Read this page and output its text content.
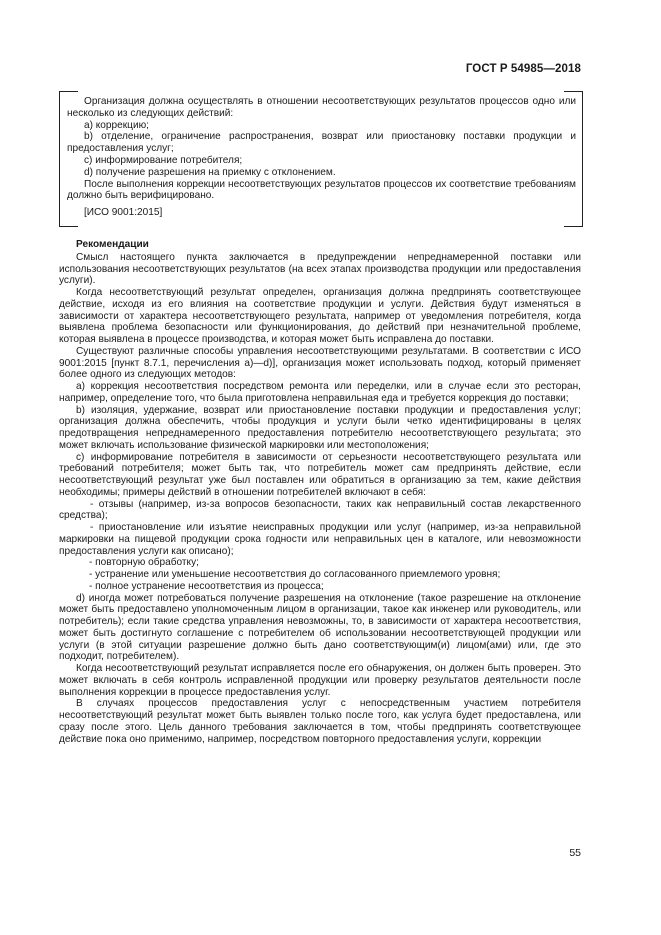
ГОСТ Р 54985—2018

Организация должна осуществлять в отношении несоответствующих результатов процессов одно или несколько из следующих действий:

a) коррекцию;

b) отделение, ограничение распространения, возврат или приостановку поставки продукции и предоставления услуг;

c) информирование потребителя;

d) получение разрешения на приемку с отклонением.

После выполнения коррекции несоответствующих результатов процессов их соответствие требованиям должно быть верифицировано.

[ИСО 9001:2015]

Рекомендации

Смысл настоящего пункта заключается в предупреждении непреднамеренной поставки или использования несоответствующих результатов (на всех этапах производства продукции или предоставления услуги).

Когда несоответствующий результат определен, организация должна предпринять соответствующее действие, исходя из его влияния на соответствие продукции и услуги. Действия будут изменяться в зависимости от характера несоответствующего результата, например от уведомления потребителя, когда выявлена проблема безопасности или функционирования, до действий при незначительной проблеме, которая выявлена в процессе производства, и которая может быть исправлена до поставки.

Существуют различные способы управления несоответствующими результатами. В соответствии с ИСО 9001:2015 [пункт 8.7.1, перечисления a)—d)], организация может использовать подход, который применяет более одного из следующих методов:

a) коррекция несоответствия посредством ремонта или переделки, или в случае если это ресторан, например, определение того, что была приготовлена неправильная еда и требуется коррекция до поставки;

b) изоляция, удержание, возврат или приостановление поставки продукции и предоставления услуг; организация должна обеспечить, чтобы продукция и услуги были четко идентифицированы в целях предотвращения непреднамеренного предоставления потребителю несоответствующего результата; это может включать использование физической маркировки или местоположения;

c) информирование потребителя в зависимости от серьезности несоответствующего результата или требований потребителя; может быть так, что потребитель может сам предпринять действие, если несоответствующий результат уже был поставлен или обратиться в организацию за тем, какие действия необходимы; примеры действий в отношении потребителей включают в себя:

- отзывы (например, из-за вопросов безопасности, таких как неправильный состав лекарственного средства);

- приостановление или изъятие неисправных продукции или услуг (например, из-за неправильной маркировки на пищевой продукции срока годности или неправильных цен в каталоге, или невозможности предоставления услуги как описано);

- повторную обработку;

- устранение или уменьшение несоответствия до согласованного приемлемого уровня;

- полное устранение несоответствия из процесса;

d) иногда может потребоваться получение разрешения на отклонение (такое разрешение на отклонение может быть предоставлено уполномоченным лицом в организации, такое как инженер или руководитель, или потребитель); если такие средства управления невозможны, то, в зависимости от характера несоответствия, может быть достигнуто соглашение с потребителем об использовании несоответствующей продукции или услуги (в этой ситуации разрешение должно быть дано соответствующим(и) лицом(ами) или, где это подходит, потребителем).

Когда несоответствующий результат исправляется после его обнаружения, он должен быть проверен. Это может включать в себя контроль исправленной продукции или проверку результатов деятельности после выполнения коррекции в процессе предоставления услуг.

В случаях процессов предоставления услуг с непосредственным участием потребителя несоответствующий результат может быть выявлен только после того, как услуга будет предоставлена, или сразу после этого. Цель данного требования заключается в том, чтобы предпринять соответствующее действие пока оно применимо, например, посредством повторного предоставления услуги, коррекции

55
